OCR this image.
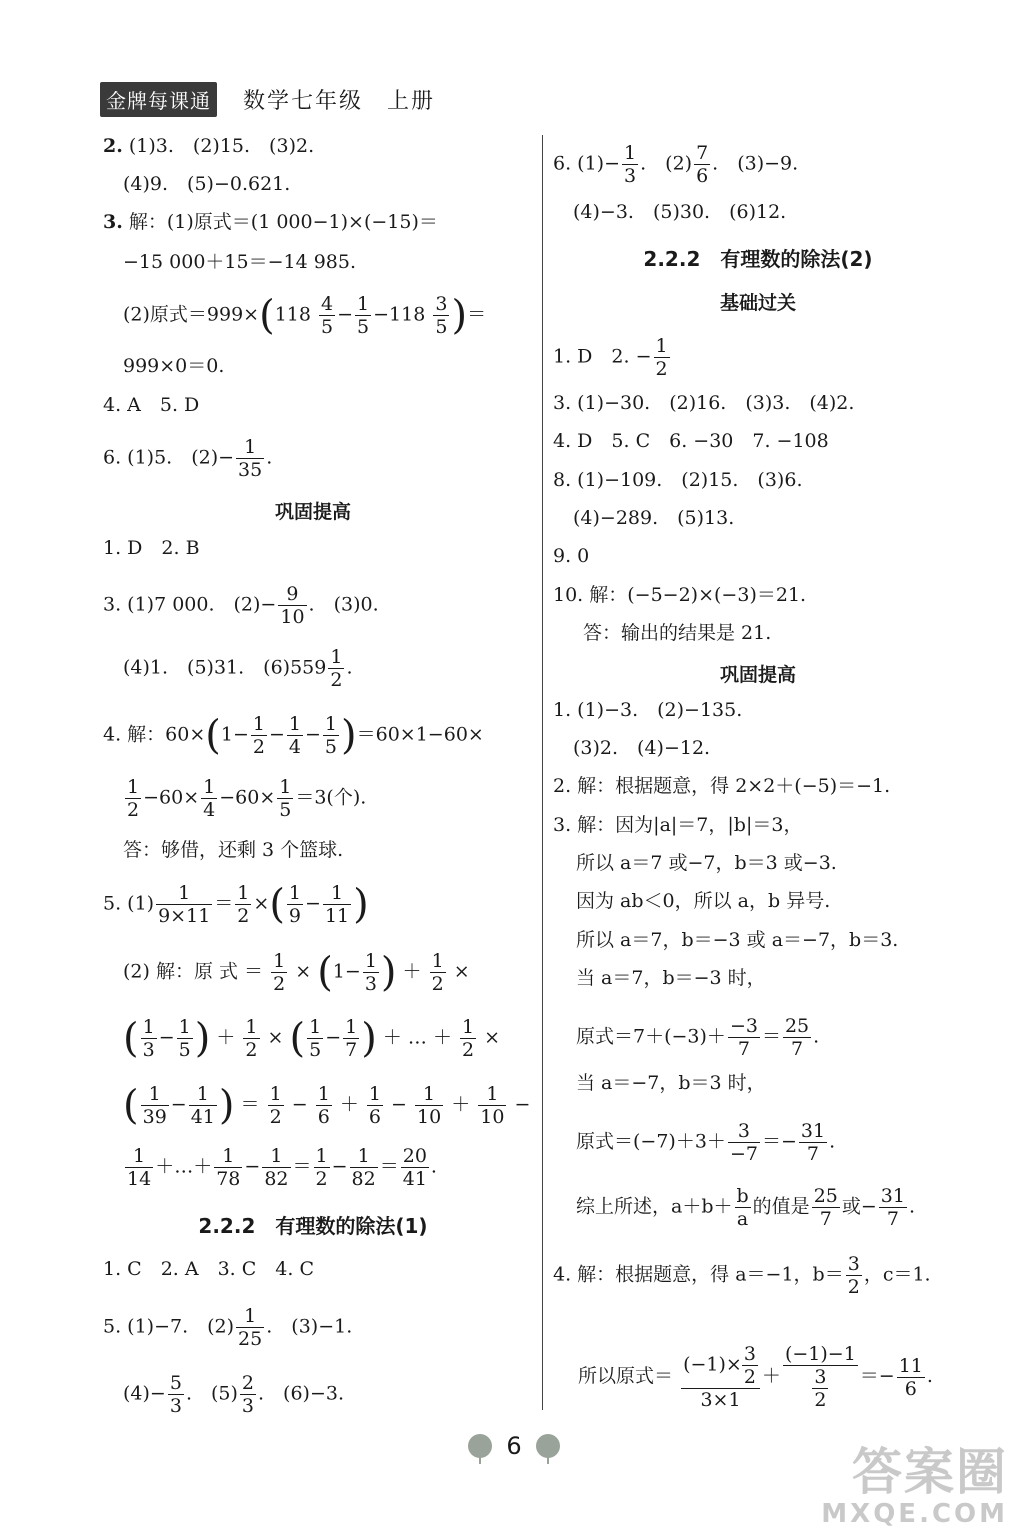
金牌每课通 数学七年级　上册
2. (1)3.　(2)15.　(3)2.
(4)9.　(5)−0.621.
3. 解：(1)原式＝(1 000−1)×(−15)＝
−15 000＋15＝−14 985.
(2)原式$=999\times(118 \frac{4}{5} - \frac{1}{5} -118 \frac{3}{5}$ )＝
999×0＝0.
4. A　5. D
6. (1)5.　$(2)- \frac{1}{35}$ .
巩固提高
1. D　2. B
3. (1)7 000.　$(2)- \frac{9}{10}$ .　(3)0.
(4)1.　(5)31.　$(6)559 \frac{1}{2}$ .
4. 解：$60\times(1- \frac{1}{2} - \frac{1}{4} - \frac{1}{5} )=60\times 1-60\times$
$\frac{1}{2} -60\times \frac{1}{4} -60\times \frac{1}{5} =3$(个).
答：够借，还剩 3 个篮球.
5. $(1) \frac{1}{9\times 11} = \frac{1}{2}$ ×( $\frac{1}{9} - \frac{1}{11}$ )
(2) 解：原 式 ＝ $\frac{1}{2} \times (1- \frac{1}{3}$ ) ＋ $\frac{1}{2}$ ×
( $\frac{1}{3} - \frac{1}{5}$ ) ＋ $\frac{1}{2}$ × ( $\frac{1}{5} - \frac{1}{7}$ ) ＋ … ＋ $\frac{1}{2}$ ×
( $\frac{1}{39} - \frac{1}{41}$ ) ＝ $\frac{1}{2} - \frac{1}{6} + \frac{1}{6} - \frac{1}{10} + \frac{1}{10}$ −
$\frac{1}{14}$ ＋…＋ $\frac{1}{78} - \frac{1}{82} = \frac{1}{2} - \frac{1}{82} = \frac{20}{41}$ .
2.2.2　有理数的除法(1)
1. C　2. A　3. C　4. C
5. (1)−7.　$(2) \frac{1}{25}$ .　(3)−1.
$(4)- \frac{5}{3}$ .　$(5) \frac{2}{3}$ .　(6)−3.
6. $(1)- \frac{1}{3}$ .　$(2) \frac{7}{6}$ .　(3)−9.
(4)−3.　(5)30.　(6)12.
2.2.2　有理数的除法(2)
基础过关
1. D　2. − $\frac{1}{2}$
3. (1)−30.　(2)16.　(3)3.　(4)2.
4. D　5. C　6. −30　7. −108
8. (1)−109.　(2)15.　(3)6.
(4)−289.　(5)13.
9. 0
10. 解：(−5−2)×(−3)＝21.
答：输出的结果是 21.
巩固提高
1. (1)−3.　(2)−135.
(3)2.　(4)−12.
2. 解：根据题意，得 2×2＋(−5)＝−1.
3. 解：因为|a|＝7，|b|＝3，
所以 a＝7 或−7，b＝3 或−3.
因为 ab＜0，所以 a，b 异号.
所以 a＝7，b＝−3 或 a＝−7，b＝3.
当 a＝7，b＝−3 时，
原式$=7+(-3)+ \frac{-3}{7} = \frac{25}{7}$ .
当 a＝−7，b＝3 时，
原式$=(-7)+3+ \frac{3}{-7} =- \frac{31}{7}$ .
综上所述，$a+b+ \frac{b}{a}$ 的值是 $\frac{25}{7}$ 或− $\frac{31}{7}$ .
4. 解：根据题意，得 a＝−1，$b= \frac{3}{2}$ ，c＝1.
所以原式＝ $\frac{(-1)\times \frac{3}{2}}{3\times 1} + \frac{(-1)-1}{\frac{3}{2}} =- \frac{11}{6}$ .
6	答案圈
MXQE.COM
